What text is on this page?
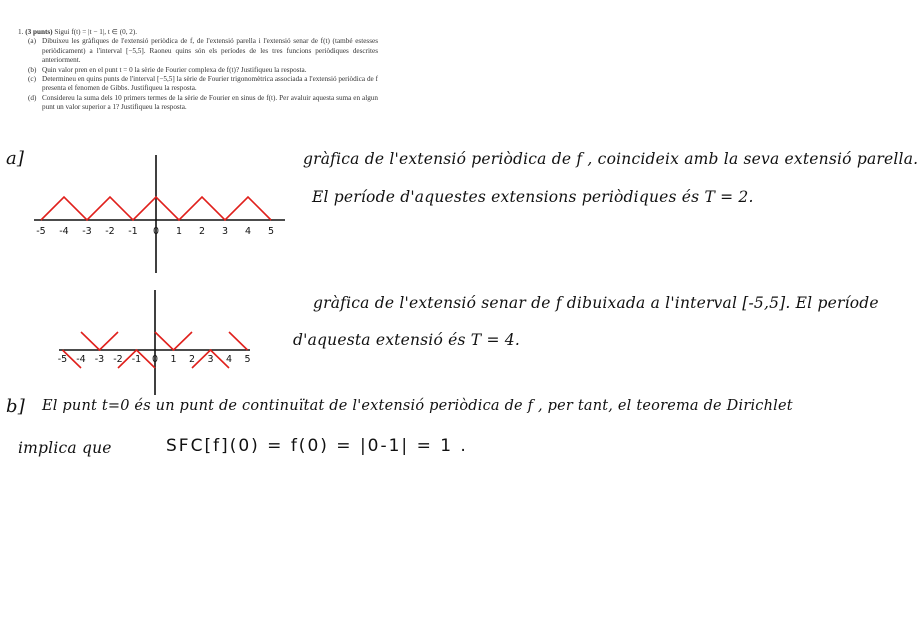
1. (3 punts) Sigui f(t) = |t − 1|, t ∈ (0, 2).
(a) Dibuixeu les gràfiques de l'extensió periòdica de f, de l'extensió parella i l'extensió senar de f(t) (també estesses periòdicament) a l'interval [−5,5]. Raoneu quins són els períodes de les tres funcions periòdiques descrites anteriorment.
(b) Quin valor pren en el punt t = 0 la sèrie de Fourier complexa de f(t)? Justifiqueu la resposta.
(c) Determineu en quins punts de l'interval [−5,5] la sèrie de Fourier trigonomètrica associada a l'extensió periòdica de f presenta el fenomen de Gibbs. Justifiqueu la resposta.
(d) Considereu la suma dels 10 primers termes de la sèrie de Fourier en sinus de f(t). Per avaluir aquesta suma en algun punt un valor superior a 1? Justifiqueu la resposta.
a]
-5 -4 -3 -2 -1 0 1 2 3 4 5
gràfica de l'extensió periòdica de f , coincideix amb la seva extensió parella.
El període d'aquestes extensions periòdiques és T = 2.
-5 -4 -3 -2 -1 0 1 2 3 4 5
gràfica de l'extensió senar de f dibuixada a l'interval [-5,5]. El període
d'aquesta extensió és T = 4.
b] El punt t=0 és un punt de continuïtat de l'extensió periòdica de f , per tant, el teorema de Dirichlet
implica que	SFC[f](0) = f(0) = |0-1| = 1 .
